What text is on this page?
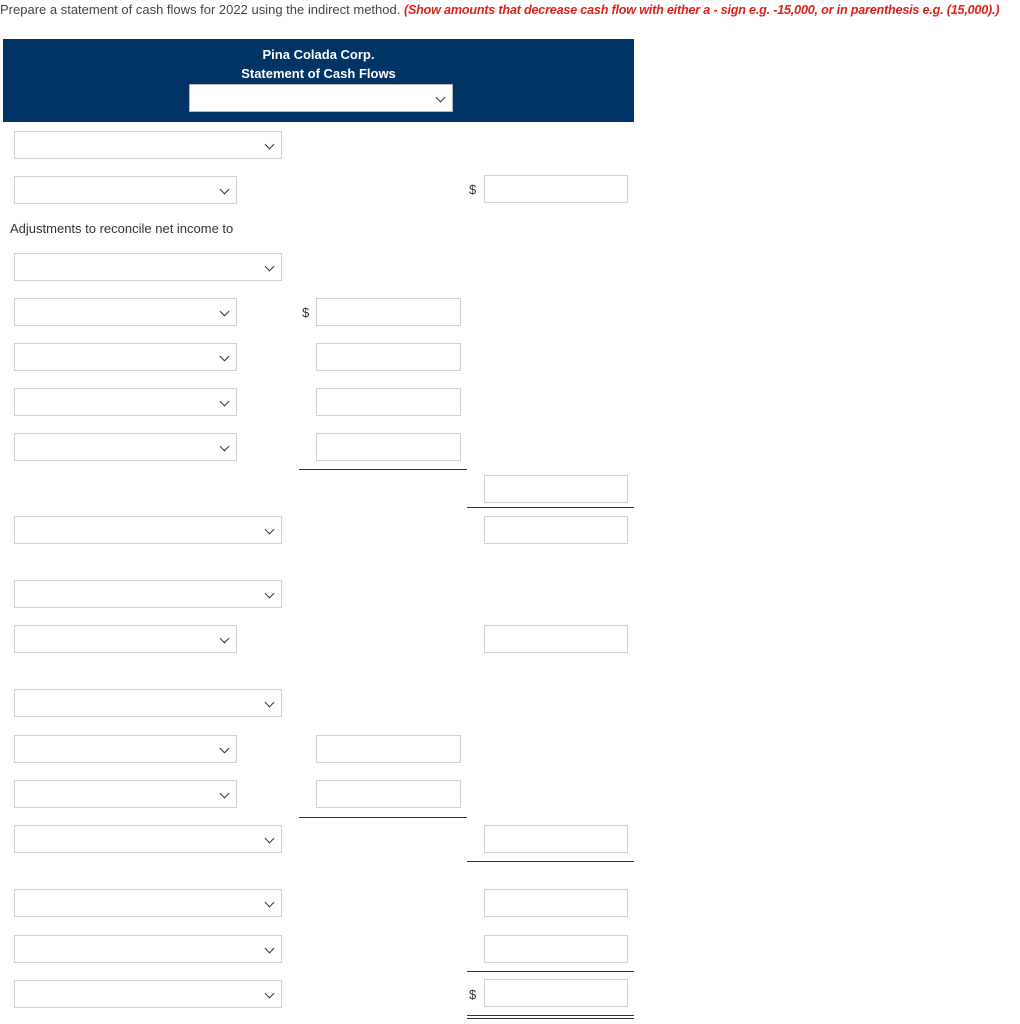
Prepare a statement of cash flows for 2022 using the indirect method. (Show amounts that decrease cash flow with either a - sign e.g. -15,000, or in parenthesis e.g. (15,000).)
Pina Colada Corp.
Statement of Cash Flows
$
Adjustments to reconcile net income to
$
$
